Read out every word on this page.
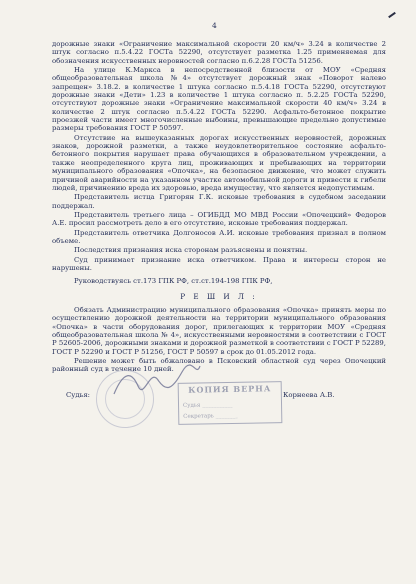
4

дорожные знаки «Ограничение максимальной скорости 20 км/ч» 3.24 в количестве 2 штук согласно п.5.4.22 ГОСТа 52290, отсутствует разметка 1.25 применяемая для обозначения искусственных неровностей согласно п.6.2.28 ГОСТа 51256.

На улице К.Маркса в непосредственной близости от МОУ «Средняя общеобразовательная школа №4» отсутствует дорожный знак «Поворот налево запрещен» 3.18.2. в количестве 1 штука согласно п.5.4.18 ГОСТа 52290, отсутствуют дорожные знаки «Дети» 1.23 в количестве 1 штука согласно п. 5.2.25 ГОСТа 52290, отсутствуют дорожные знаки «Ограничение максимальной скорости 40 км/ч» 3.24 в количестве 2 штук согласно п.5.4.22 ГОСТа 52290. Асфальто-бетонное покрытие проезжей части имеет многочисленные выбоины, превышающие предельно допустимые размеры требования ГОСТ Р 50597.

Отсутствие на вышеуказанных дорогах искусственных неровностей, дорожных знаков, дорожной разметки, а также неудовлетворительное состояние асфальто-бетонного покрытия нарушает права обучающихся в образовательном учреждении, а также неопределенного круга лиц, проживающих и пребывающих на территории муниципального образования «Опочка», на безопасное движение, что может служить причиной аварийности на указанном участке автомобильной дороги и привести к гибели людей, причинению вреда их здоровью, вреда имуществу, что является недопустимым.

Представитель истца Григорян Г.К. исковые требования в судебном заседании поддержал.

Представитель третьего лица – ОГИБДД МО МВД России «Опочецкий» Федоров А.Е. просил рассмотреть дело в его отсутствие, исковые требования поддержал.

Представитель ответчика Долгоносов А.И. исковые требования признал в полном объеме.

Последствия признания иска сторонам разъяснены и понятны.

Суд принимает признание иска ответчиком. Права и интересы сторон не нарушены.

Руководствуясь ст.173 ГПК РФ, ст.ст.194-198 ГПК РФ,

Р Е Ш И Л :

Обязать Администрацию муниципального образования «Опочка» принять меры по осуществлению дорожной деятельности на территории муниципального образования «Опочка» в части оборудования дорог, прилегающих к территории МОУ «Средняя общеобразовательная школа № 4», искусственными неровностями в соответствии с ГОСТ Р 52605-2006, дорожными знаками и дорожной разметкой в соответствии с ГОСТ Р 52289, ГОСТ Р 52290 и ГОСТ Р 51256, ГОСТ Р 50597 в срок до 01.05.2012 года.

Решение может быть обжаловано в Псковский областной суд через Опочецкий районный суд в течение 10 дней.

Судья:
КОПИЯ ВЕРНА
Судья ___________
Секретарь ________
Корнеева А.В.
